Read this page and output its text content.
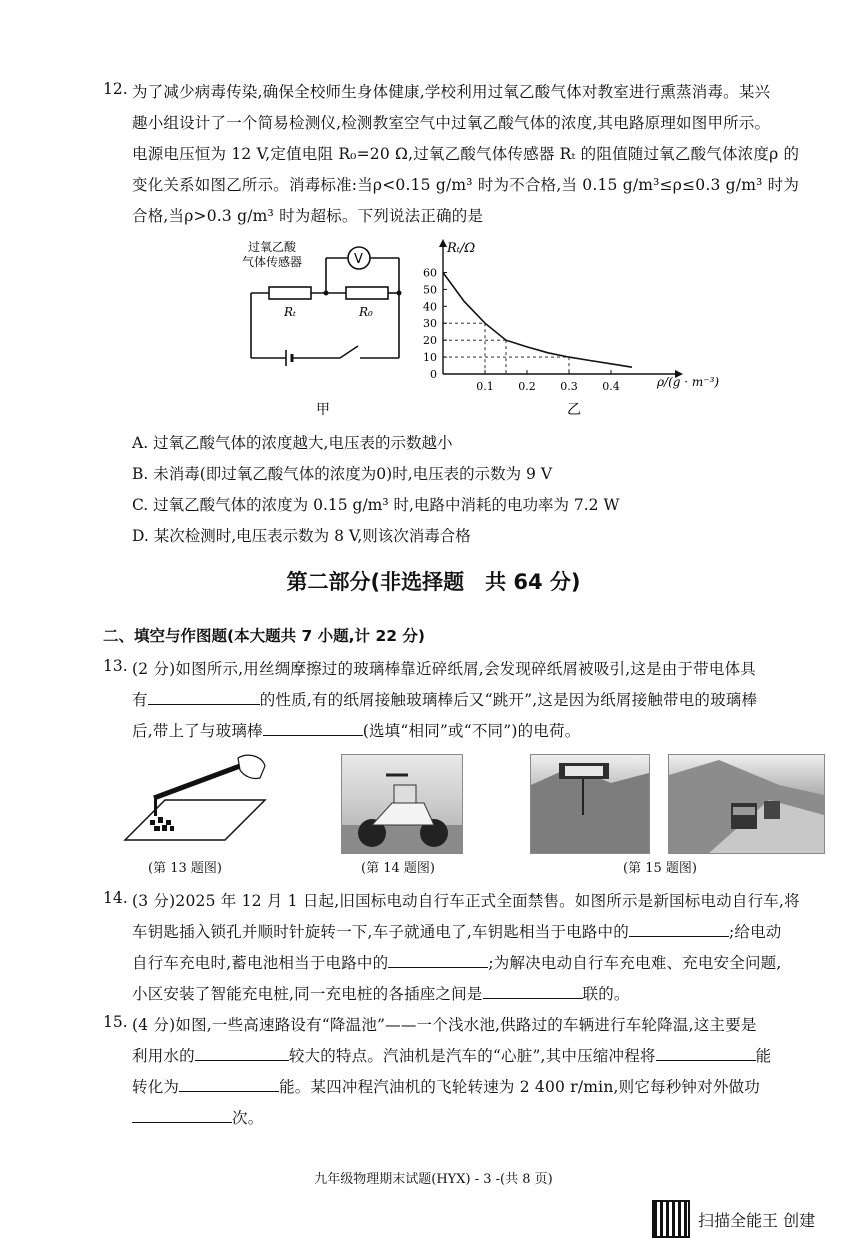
12. 为了减少病毒传染,确保全校师生身体健康,学校利用过氧乙酸气体对教室进行熏蒸消毒。某兴
趣小组设计了一个简易检测仪,检测教室空气中过氧乙酸气体的浓度,其电路原理如图甲所示。
电源电压恒为 12 V,定值电阻 R₀=20 Ω,过氧乙酸气体传感器 Rₜ 的阻值随过氧乙酸气体浓度ρ 的
变化关系如图乙所示。消毒标准:当ρ<0.15 g/m³ 时为不合格,当 0.15 g/m³≤ρ≤0.3 g/m³ 时为
合格,当ρ>0.3 g/m³ 时为超标。下列说法正确的是
过氧乙酸
气体传感器	V
Rₜ	R₀
甲
0
10
20
30
40
50
60
0.1 0.2 0.3 0.4
Rₜ/Ω
ρ/(g · m⁻³)
乙
A. 过氧乙酸气体的浓度越大,电压表的示数越小
B. 未消毒(即过氧乙酸气体的浓度为0)时,电压表的示数为 9 V
C. 过氧乙酸气体的浓度为 0.15 g/m³ 时,电路中消耗的电功率为 7.2 W
D. 某次检测时,电压表示数为 8 V,则该次消毒合格
第二部分(非选择题　共 64 分)
二、填空与作图题(本大题共 7 小题,计 22 分)
13. (2 分)如图所示,用丝绸摩擦过的玻璃棒靠近碎纸屑,会发现碎纸屑被吸引,这是由于带电体具
有	的性质,有的纸屑接触玻璃棒后又“跳开”,这是因为纸屑接触带电的玻璃棒
后,带上了与玻璃棒	(选填“相同”或“不同”)的电荷。
(第 13 题图)	(第 14 题图)	(第 15 题图)
14. (3 分)2025 年 12 月 1 日起,旧国标电动自行车正式全面禁售。如图所示是新国标电动自行车,将
车钥匙插入锁孔并顺时针旋转一下,车子就通电了,车钥匙相当于电路中的	;给电动
自行车充电时,蓄电池相当于电路中的	;为解决电动自行车充电难、充电安全问题,
小区安装了智能充电桩,同一充电桩的各插座之间是	联的。
15. (4 分)如图,一些高速路设有“降温池”——一个浅水池,供路过的车辆进行车轮降温,这主要是
利用水的	较大的特点。汽油机是汽车的“心脏”,其中压缩冲程将	能
转化为	能。某四冲程汽油机的飞轮转速为 2 400 r/min,则它每秒钟对外做功
次。
九年级物理期末试题(HYX) - 3 -(共 8 页)
扫描全能王 创建
